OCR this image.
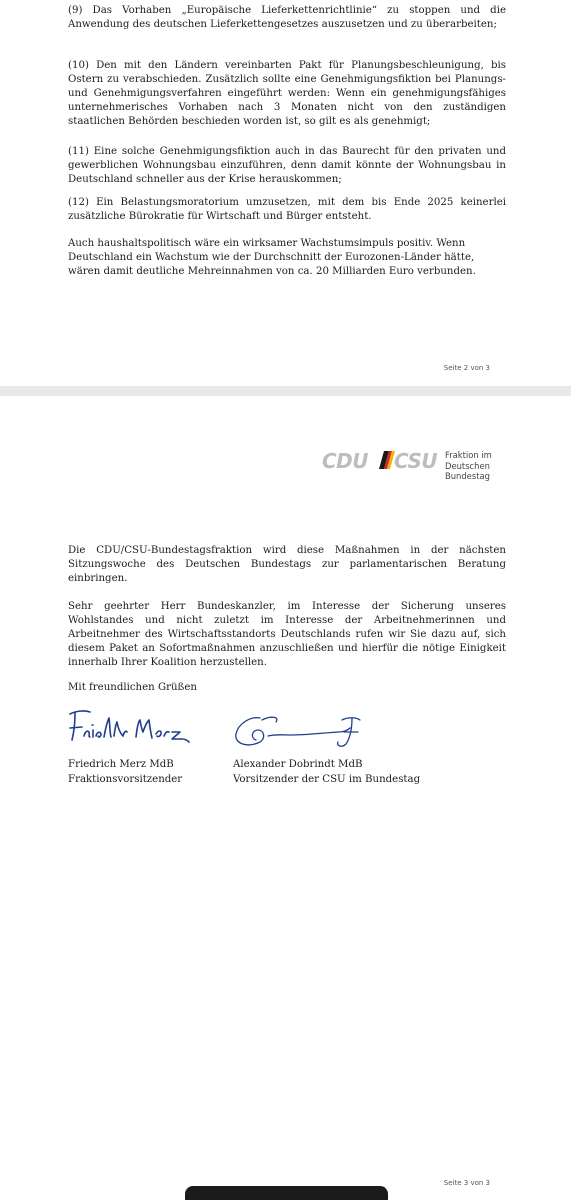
(9) Das Vorhaben „Europäische Lieferkettenrichtlinie“ zu stoppen und die Anwendung des deutschen Lieferkettengesetzes auszusetzen und zu überarbeiten;

(10) Den mit den Ländern vereinbarten Pakt für Planungsbeschleunigung, bis Ostern zu verabschieden. Zusätzlich sollte eine Genehmigungsfiktion bei Planungs- und Genehmigungsverfahren eingeführt werden: Wenn ein genehmigungsfähiges unternehmerisches Vorhaben nach 3 Monaten nicht von den zuständigen staatlichen Behörden beschieden worden ist, so gilt es als genehmigt;

(11) Eine solche Genehmigungsfiktion auch in das Baurecht für den privaten und gewerblichen Wohnungsbau einzuführen, denn damit könnte der Wohnungsbau in Deutschland schneller aus der Krise herauskommen;

(12) Ein Belastungsmoratorium umzusetzen, mit dem bis Ende 2025 keinerlei zusätzliche Bürokratie für Wirtschaft und Bürger entsteht.

Auch haushaltspolitisch wäre ein wirksamer Wachstumsimpuls positiv. Wenn Deutschland ein Wachstum wie der Durchschnitt der Eurozonen-Länder hätte, wären damit deutliche Mehreinnahmen von ca. 20 Milliarden Euro verbunden.

Seite 2 von 3
CDU CSU Fraktion im
Deutschen Bundestag

Die CDU/CSU-Bundestagsfraktion wird diese Maßnahmen in der nächsten Sitzungswoche des Deutschen Bundestags zur parlamentarischen Beratung einbringen.

Sehr geehrter Herr Bundeskanzler, im Interesse der Sicherung unseres Wohlstandes und nicht zuletzt im Interesse der Arbeitnehmerinnen und Arbeitnehmer des Wirtschaftsstandorts Deutschlands rufen wir Sie dazu auf, sich diesem Paket an Sofortmaßnahmen anzuschließen und hierfür die nötige Einigkeit innerhalb Ihrer Koalition herzustellen.

Mit freundlichen Grüßen

Friedrich Merz MdB
Fraktionsvorsitzender
Alexander Dobrindt MdB
Vorsitzender der CSU im Bundestag
Seite 3 von 3
